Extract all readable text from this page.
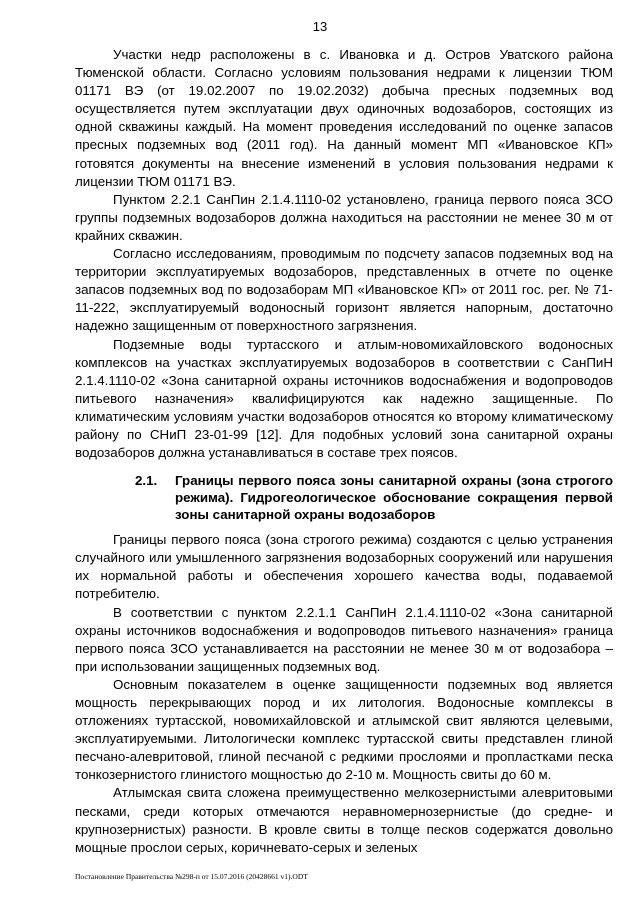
13

Участки недр расположены в с. Ивановка и д. Остров Уватского района Тюменской области. Согласно условиям пользования недрами к лицензии ТЮМ 01171 ВЭ (от 19.02.2007 по 19.02.2032) добыча пресных подземных вод осуществляется путем эксплуатации двух одиночных водозаборов, состоящих из одной скважины каждый. На момент проведения исследований по оценке запасов пресных подземных вод (2011 год). На данный момент МП «Ивановское КП» готовятся документы на внесение изменений в условия пользования недрами к лицензии ТЮМ 01171 ВЭ.

Пунктом 2.2.1 СанПин 2.1.4.1110-02 установлено, граница первого пояса ЗСО группы подземных водозаборов должна находиться на расстоянии не менее 30 м от крайних скважин.

Согласно исследованиям, проводимым по подсчету запасов подземных вод на территории эксплуатируемых водозаборов, представленных в отчете по оценке запасов подземных вод по водозаборам МП «Ивановское КП» от 2011 гос. рег. № 71-11-222, эксплуатируемый водоносный горизонт является напорным, достаточно надежно защищенным от поверхностного загрязнения.

Подземные воды туртасского и атлым-новомихайловского водоносных комплексов на участках эксплуатируемых водозаборов в соответствии с СанПиН 2.1.4.1110-02 «Зона санитарной охраны источников водоснабжения и водопроводов питьевого назначения» квалифицируются как надежно защищенные. По климатическим условиям участки водозаборов относятся ко второму климатическому району по СНиП 23-01-99 [12]. Для подобных условий зона санитарной охраны водозаборов должна устанавливаться в составе трех поясов.

2.1.	Границы первого пояса зоны санитарной охраны (зона строгого режима). Гидрогеологическое обоснование сокращения первой зоны санитарной охраны водозаборов

Границы первого пояса (зона строгого режима) создаются с целью устранения случайного или умышленного загрязнения водозаборных сооружений или нарушения их нормальной работы и обеспечения хорошего качества воды, подаваемой потребителю.

В соответствии с пунктом 2.2.1.1 СанПиН 2.1.4.1110-02 «Зона санитарной охраны источников водоснабжения и водопроводов питьевого назначения» граница первого пояса ЗСО устанавливается на расстоянии не менее 30 м от водозабора – при использовании защищенных подземных вод.

Основным показателем в оценке защищенности подземных вод является мощность перекрывающих пород и их литология. Водоносные комплексы в отложениях туртасской, новомихайловской и атлымской свит являются целевыми, эксплуатируемыми. Литологически комплекс туртасской свиты представлен глиной песчано-алевритовой, глиной песчаной с редкими прослоями и пропластками песка тонкозернистого глинистого мощностью до 2-10 м. Мощность свиты до 60 м.

Атлымская свита сложена преимущественно мелкозернистыми алевритовыми песками, среди которых отмечаются неравномернозернистые (до средне- и крупнозернистых) разности. В кровле свиты в толще песков содержатся довольно мощные прослои серых, коричневато-серых и зеленых

Постановление Правительства №298-п от 15.07.2016 (20428661 v1).ODT
